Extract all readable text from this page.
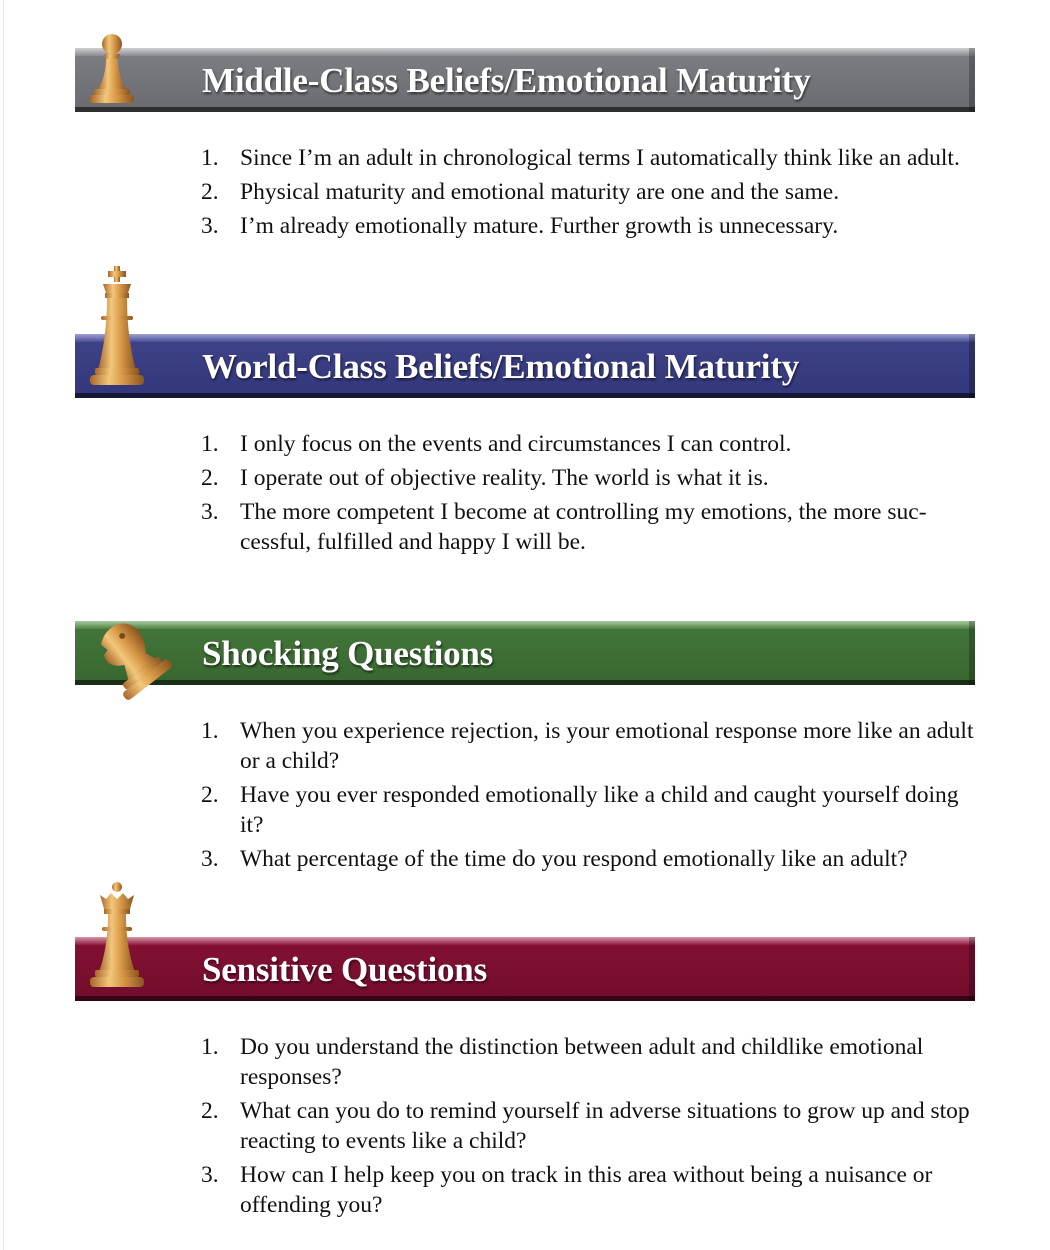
Middle-Class Beliefs/Emotional Maturity
1. Since I’m an adult in chronological terms I automatically think like an adult.
2. Physical maturity and emotional maturity are one and the same.
3. I’m already emotionally mature. Further growth is unnecessary.
World-Class Beliefs/Emotional Maturity
1. I only focus on the events and circumstances I can control.
2. I operate out of objective reality. The world is what it is.
3. The more competent I become at controlling my emotions, the more suc- cessful, fulfilled and happy I will be.
Shocking Questions
1. When you experience rejection, is your emotional response more like an adult or a child?
2. Have you ever responded emotionally like a child and caught yourself doing it?
3. What percentage of the time do you respond emotionally like an adult?
Sensitive Questions
1. Do you understand the distinction between adult and childlike emotional responses?
2. What can you do to remind yourself in adverse situations to grow up and stop reacting to events like a child?
3. How can I help keep you on track in this area without being a nuisance or offending you?
